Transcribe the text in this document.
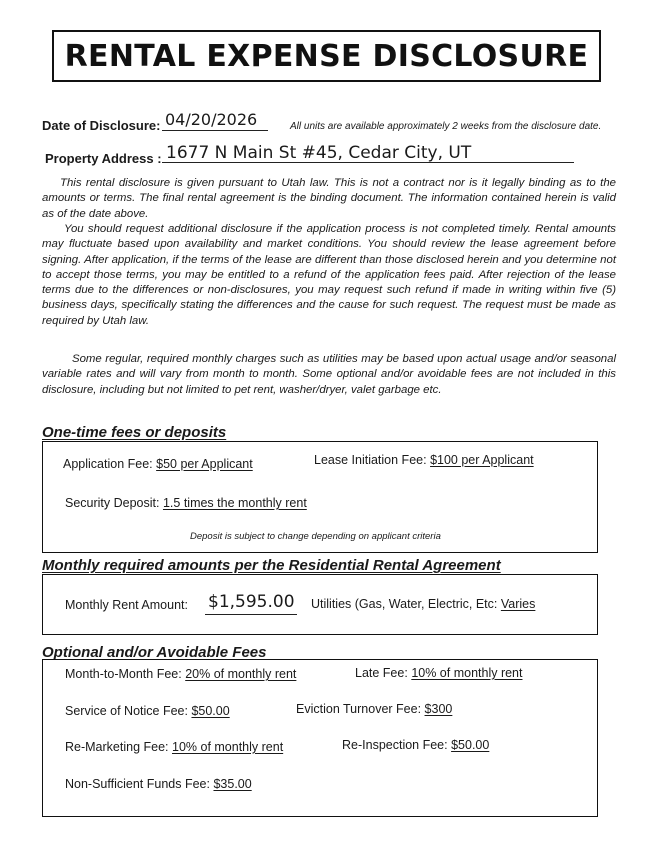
RENTAL EXPENSE DISCLOSURE
Date of Disclosure: 04/20/2026	All units are available approximately 2 weeks from the disclosure date.
Property Address : 1677 N Main St #45, Cedar City, UT

This rental disclosure is given pursuant to Utah law. This is not a contract nor is it legally binding as to the amounts or terms. The final rental agreement is the binding document. The information contained herein is valid as of the date above.

You should request additional disclosure if the application process is not completed timely. Rental amounts may fluctuate based upon availability and market conditions. You should review the lease agreement before signing. After application, if the terms of the lease are different than those disclosed herein and you determine not to accept those terms, you may be entitled to a refund of the application fees paid. After rejection of the lease terms due to the differences or non-disclosures, you may request such refund if made in writing within five (5) business days, specifically stating the differences and the cause for such request. The request must be made as required by Utah law.

Some regular, required monthly charges such as utilities may be based upon actual usage and/or seasonal variable rates and will vary from month to month. Some optional and/or avoidable fees are not included in this disclosure, including but not limited to pet rent, washer/dryer, valet garbage etc.

One-time fees or deposits
Application Fee: $50 per Applicant	Lease Initiation Fee: $100 per Applicant
Security Deposit: 1.5 times the monthly rent
Deposit is subject to change depending on applicant criteria
Monthly required amounts per the Residential Rental Agreement
Monthly Rent Amount: $1,595.00 Utilities (Gas, Water, Electric, Etc: Varies
Optional and/or Avoidable Fees
Month-to-Month Fee: 20% of monthly rent	Late Fee: 10% of monthly rent
Service of Notice Fee: $50.00	Eviction Turnover Fee: $300
Re-Marketing Fee: 10% of monthly rent	Re-Inspection Fee: $50.00
Non-Sufficient Funds Fee: $35.00
